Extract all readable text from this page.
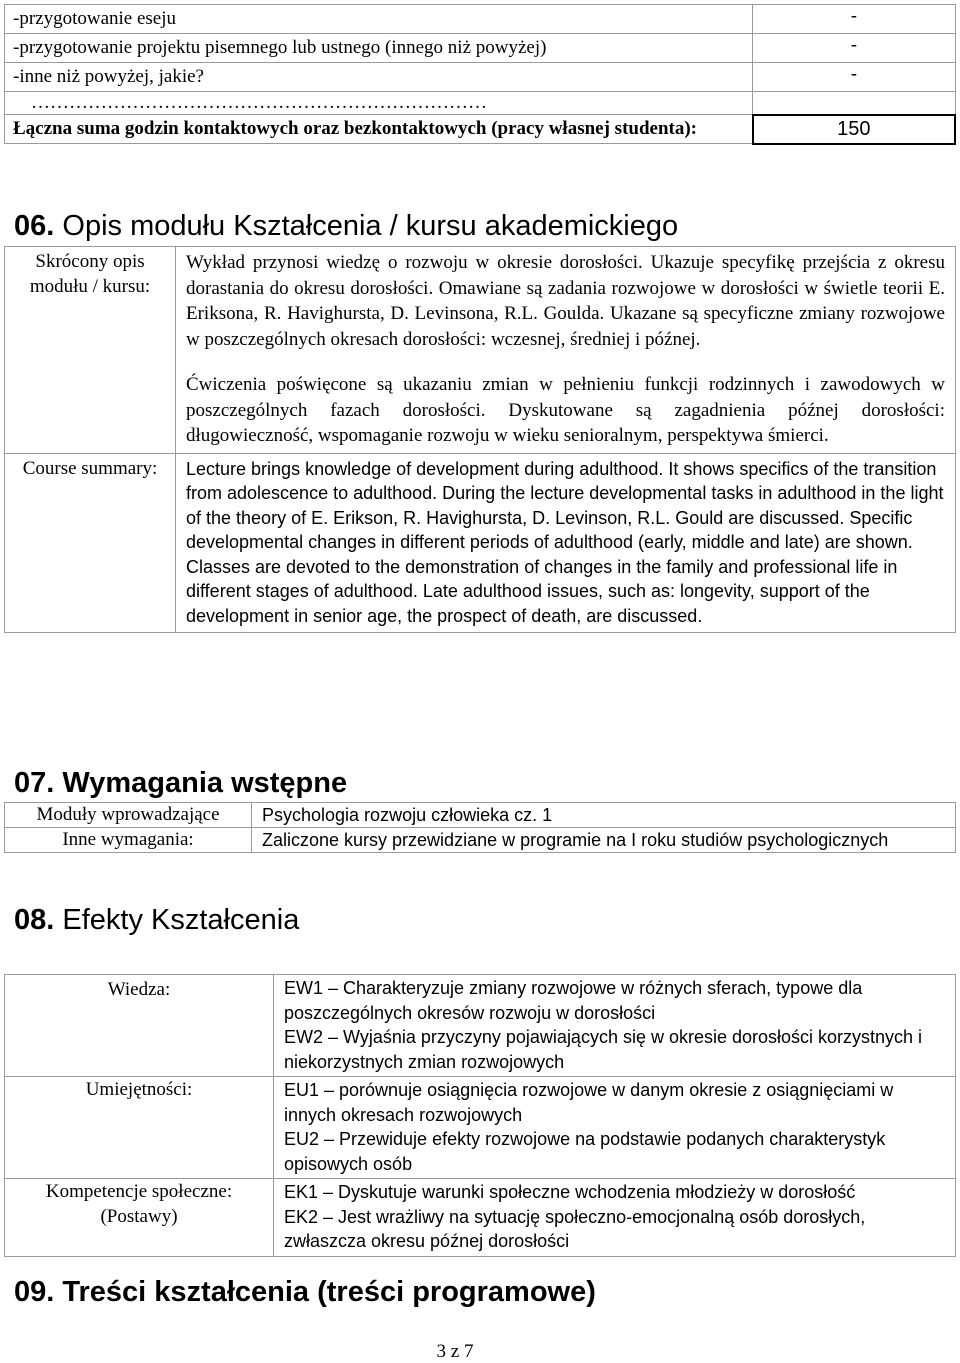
-przygotowanie eseju	-
-przygotowanie projektu pisemnego lub ustnego (innego niż powyżej)	-
-inne niż powyżej, jakie?	-
………………………………………………………………	
Łączna suma godzin kontaktowych oraz bezkontaktowych (pracy własnej studenta):	150
06. Opis modułu Kształcenia / kursu akademickiego
Skrócony opis modułu / kursu:	Wykład przynosi wiedzę o rozwoju w okresie dorosłości. Ukazuje specyfikę przejścia z okresu dorastania do okresu dorosłości. Omawiane są zadania rozwojowe w dorosłości w świetle teorii E. Eriksona, R. Havighursta, D. Levinsona, R.L. Goulda. Ukazane są specyficzne zmiany rozwojowe w poszczególnych okresach dorosłości: wczesnej, średniej i późnej.

Ćwiczenia poświęcone są ukazaniu zmian w pełnieniu funkcji rodzinnych i zawodowych w poszczególnych fazach dorosłości. Dyskutowane są zagadnienia późnej dorosłości: długowieczność, wspomaganie rozwoju w wieku senioralnym, perspektywa śmierci.

Course summary:	Lecture brings knowledge of development during adulthood. It shows specifics of the transition from adolescence to adulthood. During the lecture developmental tasks in adulthood in the light of the theory of E. Erikson, R. Havighursta, D. Levinson, R.L. Gould are discussed. Specific developmental changes in different periods of adulthood (early, middle and late) are shown. Classes are devoted to the demonstration of changes in the family and professional life in different stages of adulthood. Late adulthood issues, such as: longevity, support of the development in senior age, the prospect of death, are discussed.

07. Wymagania wstępne
Moduły wprowadzające	Psychologia rozwoju człowieka cz. 1
Inne wymagania:	Zaliczone kursy przewidziane w programie na I roku studiów psychologicznych
08. Efekty Kształcenia
Wiedza:	EW1 – Charakteryzuje zmiany rozwojowe w różnych sferach, typowe dla poszczególnych okresów rozwoju w dorosłości
EW2 – Wyjaśnia przyczyny pojawiających się w okresie dorosłości korzystnych i niekorzystnych zmian rozwojowych

Umiejętności:	EU1 – porównuje osiągnięcia rozwojowe w danym okresie z osiągnięciami w innych okresach rozwojowych
EU2 – Przewiduje efekty rozwojowe na podstawie podanych charakterystyk opisowych osób

Kompetencje społeczne: (Postawy)	EK1 – Dyskutuje warunki społeczne wchodzenia młodzieży w dorosłość
EK2 – Jest wrażliwy na sytuację społeczno-emocjonalną osób dorosłych, zwłaszcza okresu późnej dorosłości
09. Treści kształcenia (treści programowe)
3 z 7
